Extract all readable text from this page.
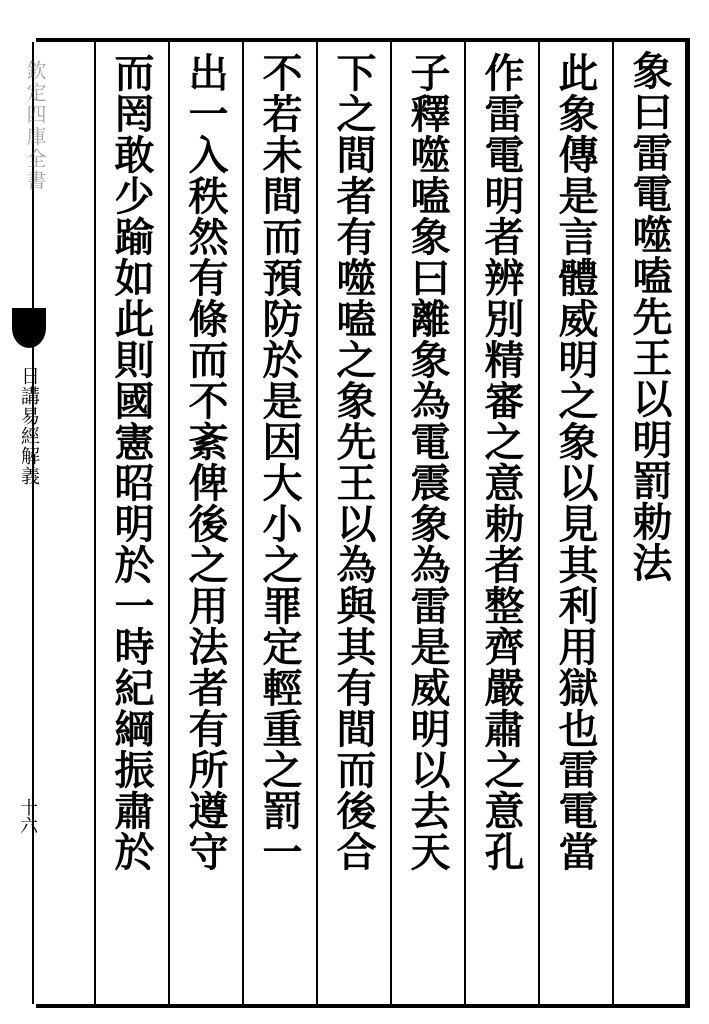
欽定四庫全書
日講易經解義
十六
象曰雷電噬嗑先王以明罰勅法
此象傳是言體威明之象以見其利用獄也雷電當
作雷電明者辨別精審之意勅者整齊嚴肅之意孔
子釋噬嗑象曰離象為電震象為雷是威明以去天
下之間者有噬嗑之象先王以為與其有間而後合
不若未間而預防於是因大小之罪定輕重之罰一
出一入秩然有條而不紊俾後之用法者有所遵守
而罔敢少踰如此則國憲昭明於一時紀綱振肅於
